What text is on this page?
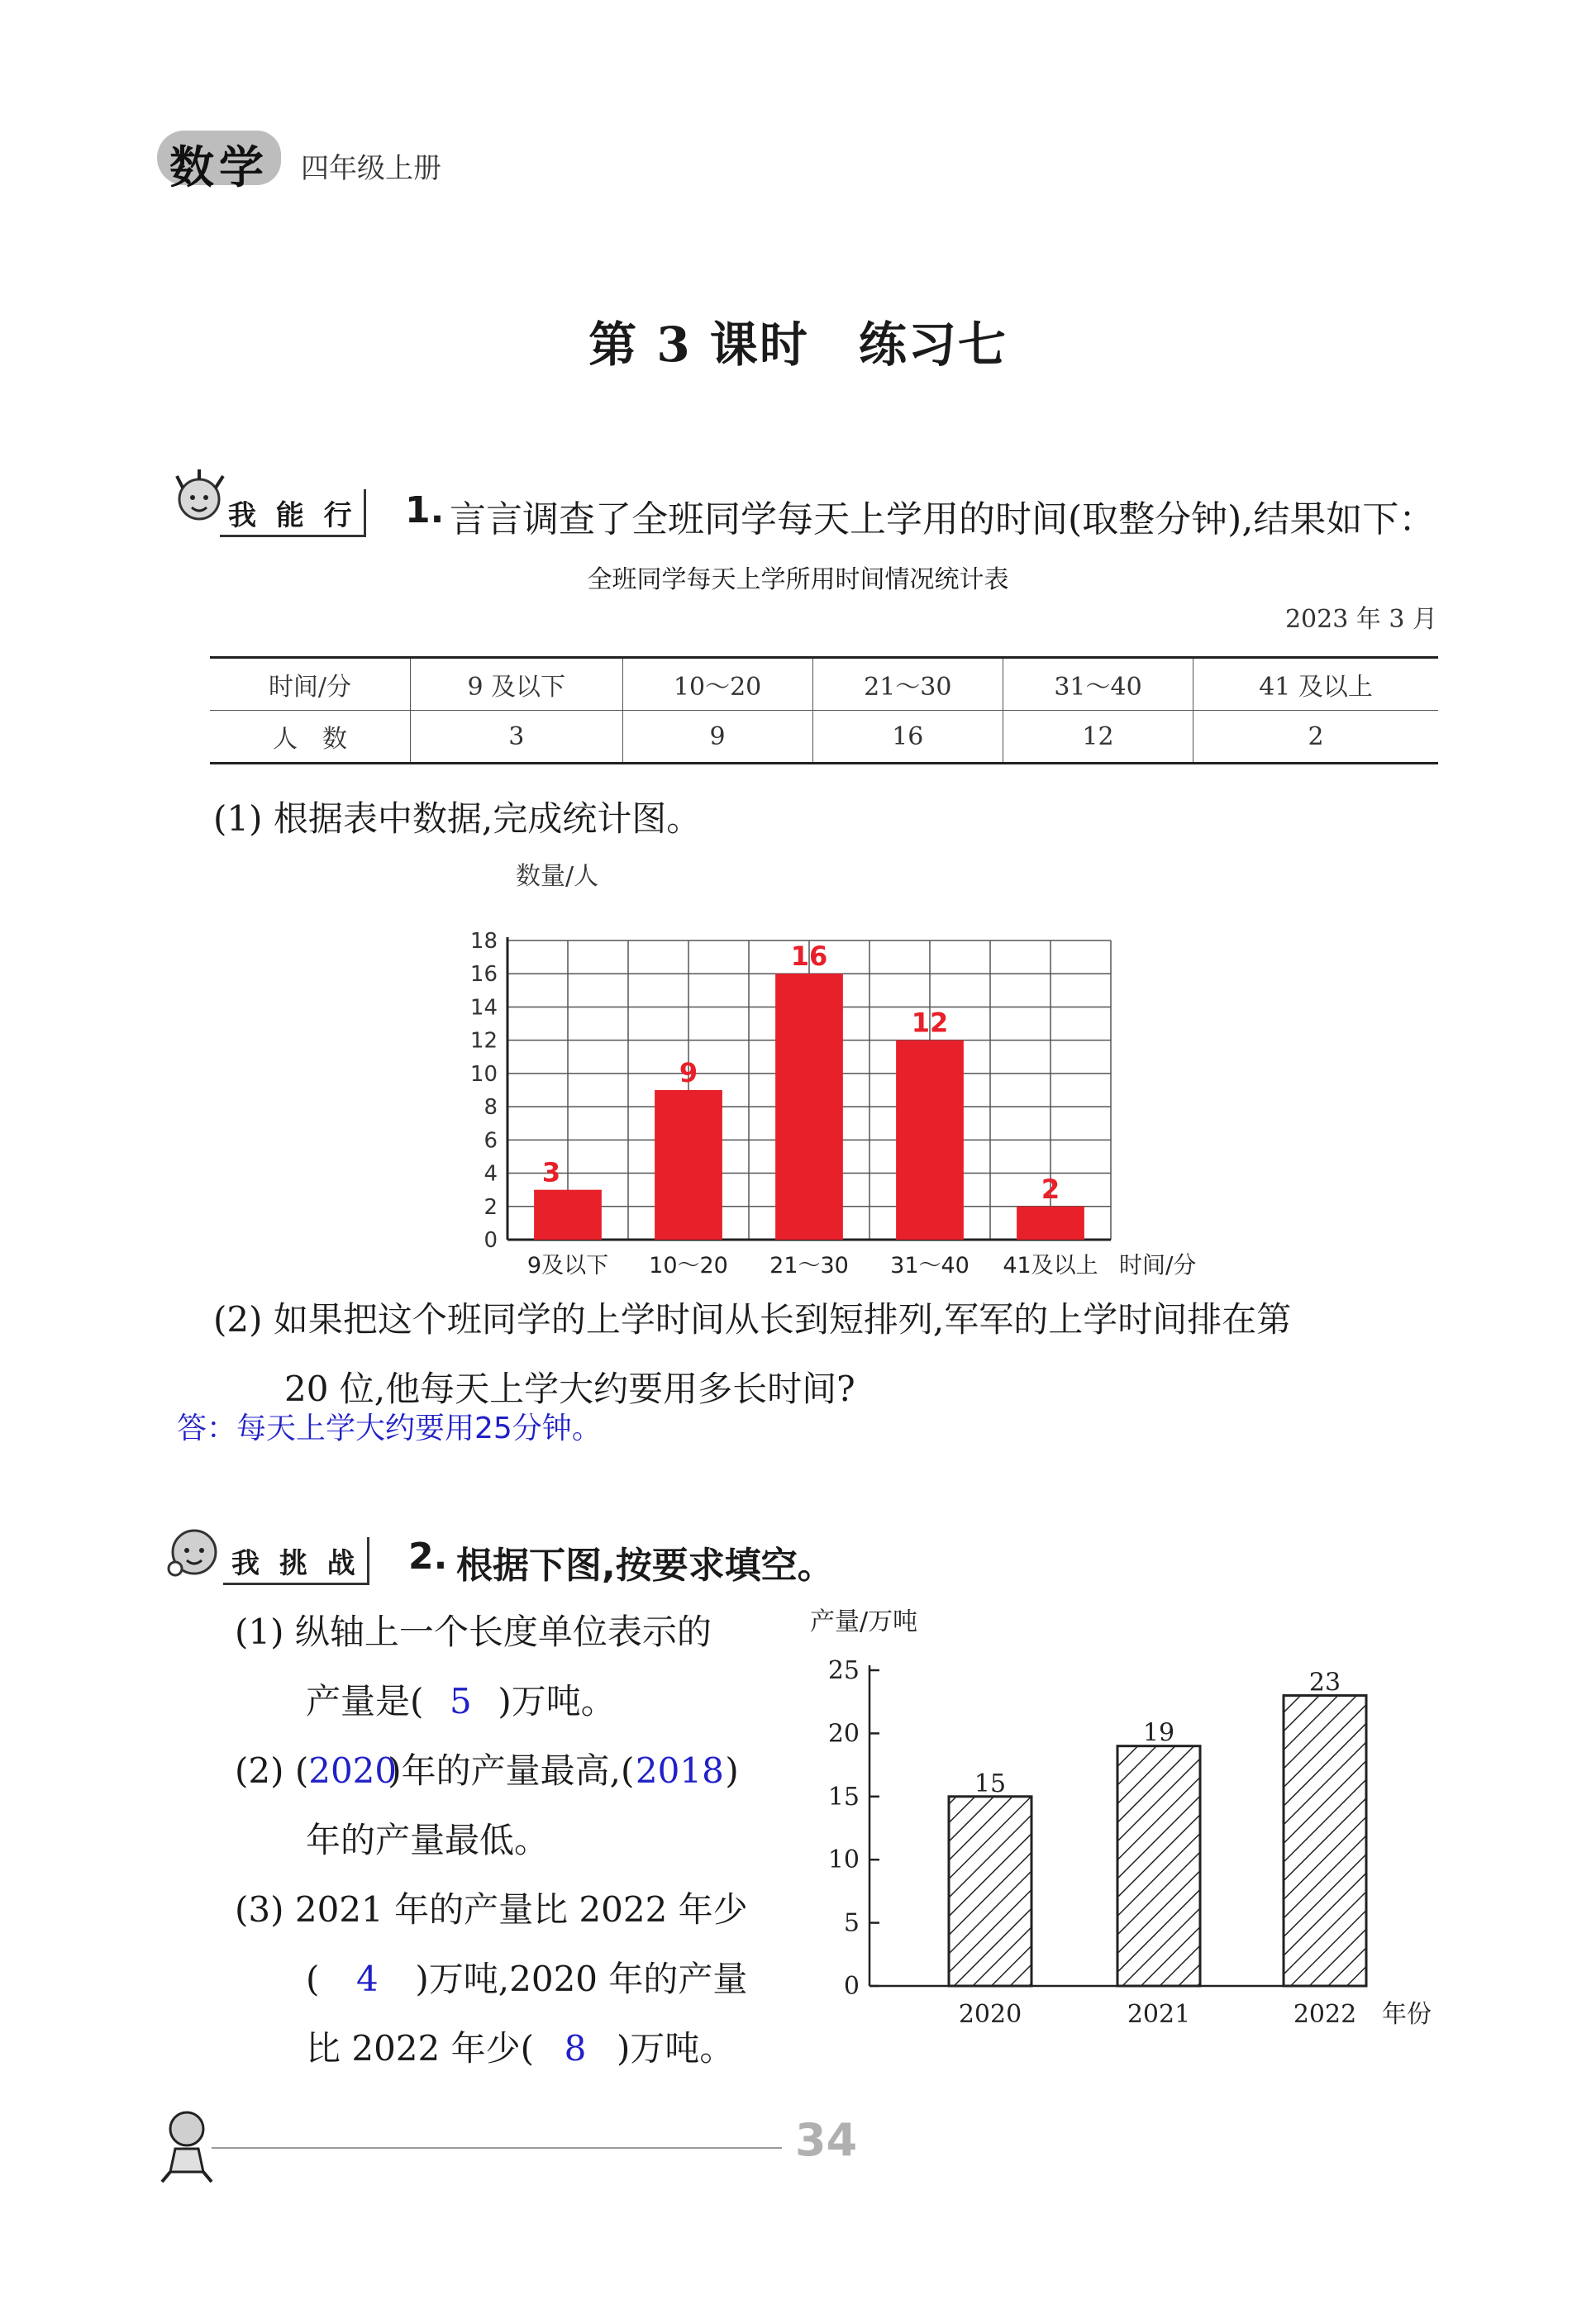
数学 四年级上册
第 3 课时　练习七
我 能 行 1. 言言调查了全班同学每天上学用的时间(取整分钟),结果如下：
全班同学每天上学所用时间情况统计表
2023 年 3 月
时间/分	9 及以下	10～20	21～30	31～40	41 及以上
人　数	3	9	16	12	2
(1) 根据表中数据,完成统计图。
0
2
4
6
8
10
12
14
16
18
数量/人
3
9及以下
9
10～20
16
21～30
12
31～40
2
41及以上 时间/分
(2) 如果把这个班同学的上学时间从长到短排列,军军的上学时间排在第
20 位,他每天上学大约要用多长时间?
答：每天上学大约要用25分钟。
我 挑 战 2. 根据下图,按要求填空。
(1) 纵轴上一个长度单位表示的
产量是( 5 )万吨。
(2) (2020)年的产量最高,(2018)
年的产量最低。
(3) 2021 年的产量比 2022 年少
( 4 )万吨,2020 年的产量
比 2022 年少( 8 )万吨。
0
5
10
15
20
25
产量/万吨
15
2020
19
2021
23
2022 年份
34
